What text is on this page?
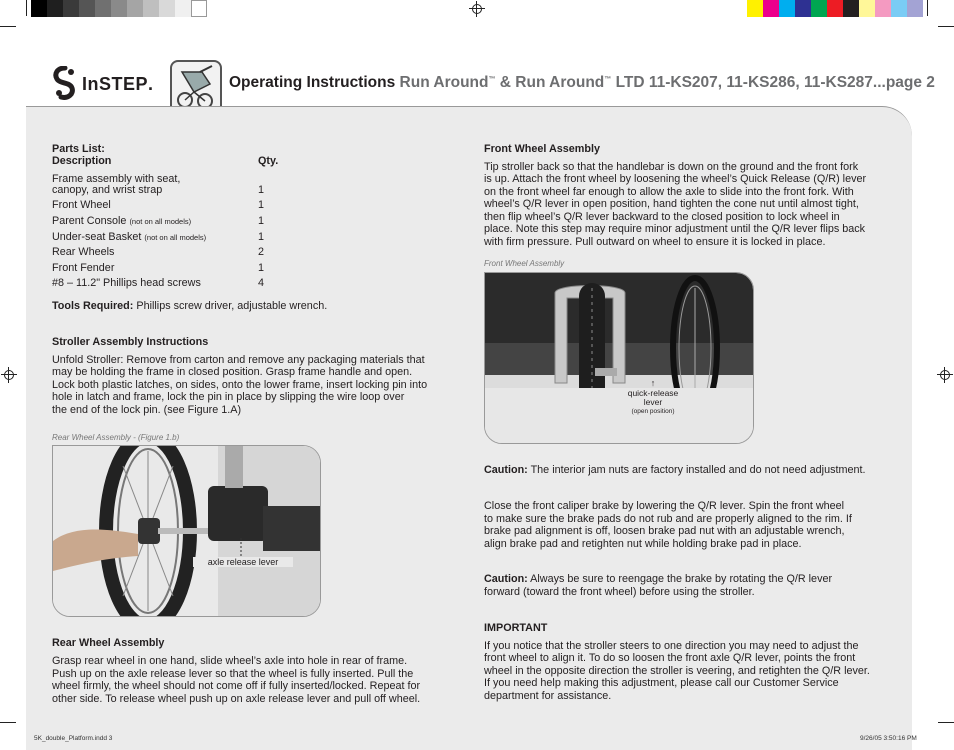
InSTEP .	Operating Instructions Run Around™ & Run Around™ LTD 11-KS207, 11-KS286, 11-KS287...page 2
Parts List:
Description	Qty.
Frame assembly with seat,
canopy, and wrist strap	1
Front Wheel	1
Parent Console (not on all models)	1
Under-seat Basket (not on all models)	1
Rear Wheels	2
Front Fender	1
#8 – 11.2" Phillips head screws	4
Tools Required: Phillips screw driver, adjustable wrench.
Stroller Assembly Instructions
Unfold Stroller: Remove from carton and remove any packaging materials that
may be holding the frame in closed position. Grasp frame handle and open.
Lock both plastic latches, on sides, onto the lower frame, insert locking pin into
hole in latch and frame, lock the pin in place by slipping the wire loop over
the end of the lock pin. (see Figure 1.A)
Rear Wheel Assembly - (Figure 1.b)
axle release lever
Rear Wheel Assembly
Grasp rear wheel in one hand, slide wheel’s axle into hole in rear of frame.
Push up on the axle release lever so that the wheel is fully inserted. Pull the
wheel firmly, the wheel should not come off if fully inserted/locked. Repeat for
other side. To release wheel push up on axle release lever and pull off wheel.
Front Wheel Assembly
Tip stroller back so that the handlebar is down on the ground and the front fork
is up. Attach the front wheel by loosening the wheel’s Quick Release (Q/R) lever
on the front wheel far enough to allow the axle to slide into the front fork. With
wheel’s Q/R lever in open position, hand tighten the cone nut until almost tight,
then flip wheel’s Q/R lever backward to the closed position to lock wheel in
place. Note this step may require minor adjustment until the Q/R lever flips back
with firm pressure. Pull outward on wheel to ensure it is locked in place.
Front Wheel Assembly
↑
quick-release
lever
(open position)
Caution: The interior jam nuts are factory installed and do not need adjustment.
Close the front caliper brake by lowering the Q/R lever. Spin the front wheel
to make sure the brake pads do not rub and are properly aligned to the rim. If
brake pad alignment is off, loosen brake pad nut with an adjustable wrench,
align brake pad and retighten nut while holding brake pad in place.
Caution: Always be sure to reengage the brake by rotating the Q/R lever
forward (toward the front wheel) before using the stroller.
IMPORTANT
If you notice that the stroller steers to one direction you may need to adjust the
front wheel to align it. To do so loosen the front axle Q/R lever, points the front
wheel in the opposite direction the stroller is veering, and retighten the Q/R lever.
If you need help making this adjustment, please call our Customer Service
department for assistance.
5K_double_Platform.indd 3	9/26/05 3:50:16 PM
